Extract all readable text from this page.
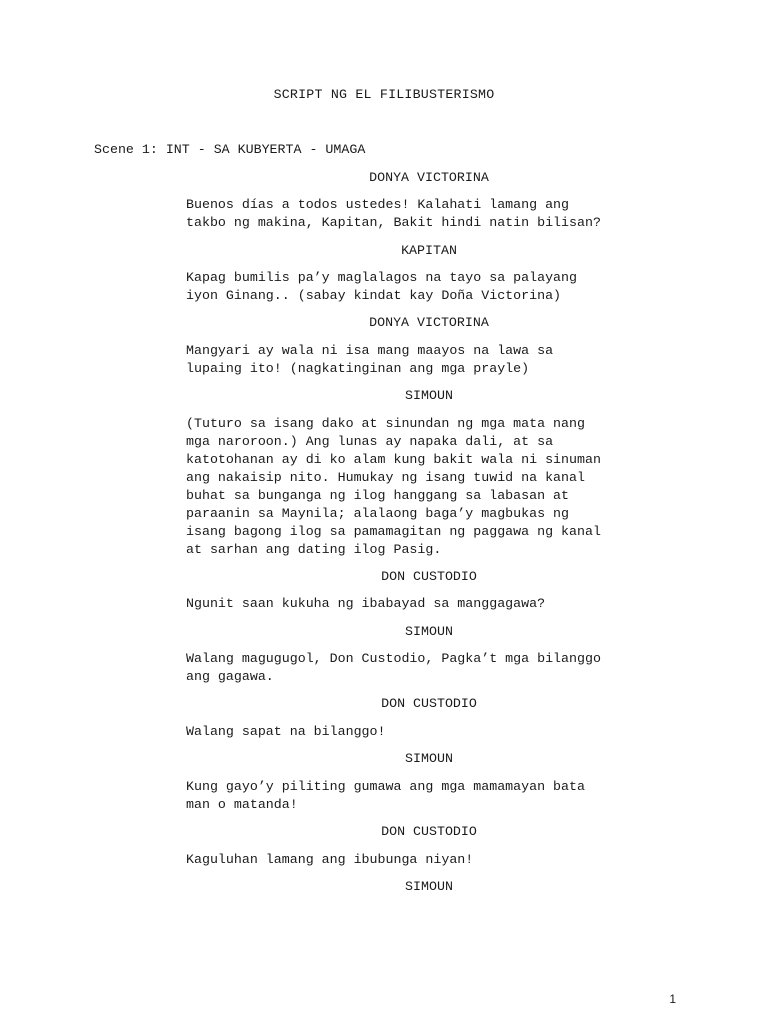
SCRIPT NG EL FILIBUSTERISMO
Scene 1: INT - SA KUBYERTA - UMAGA
DONYA VICTORINA
Buenos días a todos ustedes! Kalahati lamang ang
takbo ng makina, Kapitan, Bakit hindi natin bilisan?
KAPITAN
Kapag bumilis pa’y maglalagos na tayo sa palayang
iyon Ginang.. (sabay kindat kay Doña Victorina)
DONYA VICTORINA
Mangyari ay wala ni isa mang maayos na lawa sa
lupaing ito! (nagkatinginan ang mga prayle)
SIMOUN
(Tuturo sa isang dako at sinundan ng mga mata nang
mga naroroon.) Ang lunas ay napaka dali, at sa
katotohanan ay di ko alam kung bakit wala ni sinuman
ang nakaisip nito. Humukay ng isang tuwid na kanal
buhat sa bunganga ng ilog hanggang sa labasan at
paraanin sa Maynila; alalaong baga’y magbukas ng
isang bagong ilog sa pamamagitan ng paggawa ng kanal
at sarhan ang dating ilog Pasig.
DON CUSTODIO
Ngunit saan kukuha ng ibabayad sa manggagawa?
SIMOUN
Walang magugugol, Don Custodio, Pagka’t mga bilanggo
ang gagawa.
DON CUSTODIO
Walang sapat na bilanggo!
SIMOUN
Kung gayo’y piliting gumawa ang mga mamamayan bata
man o matanda!
DON CUSTODIO
Kaguluhan lamang ang ibubunga niyan!
SIMOUN
1
